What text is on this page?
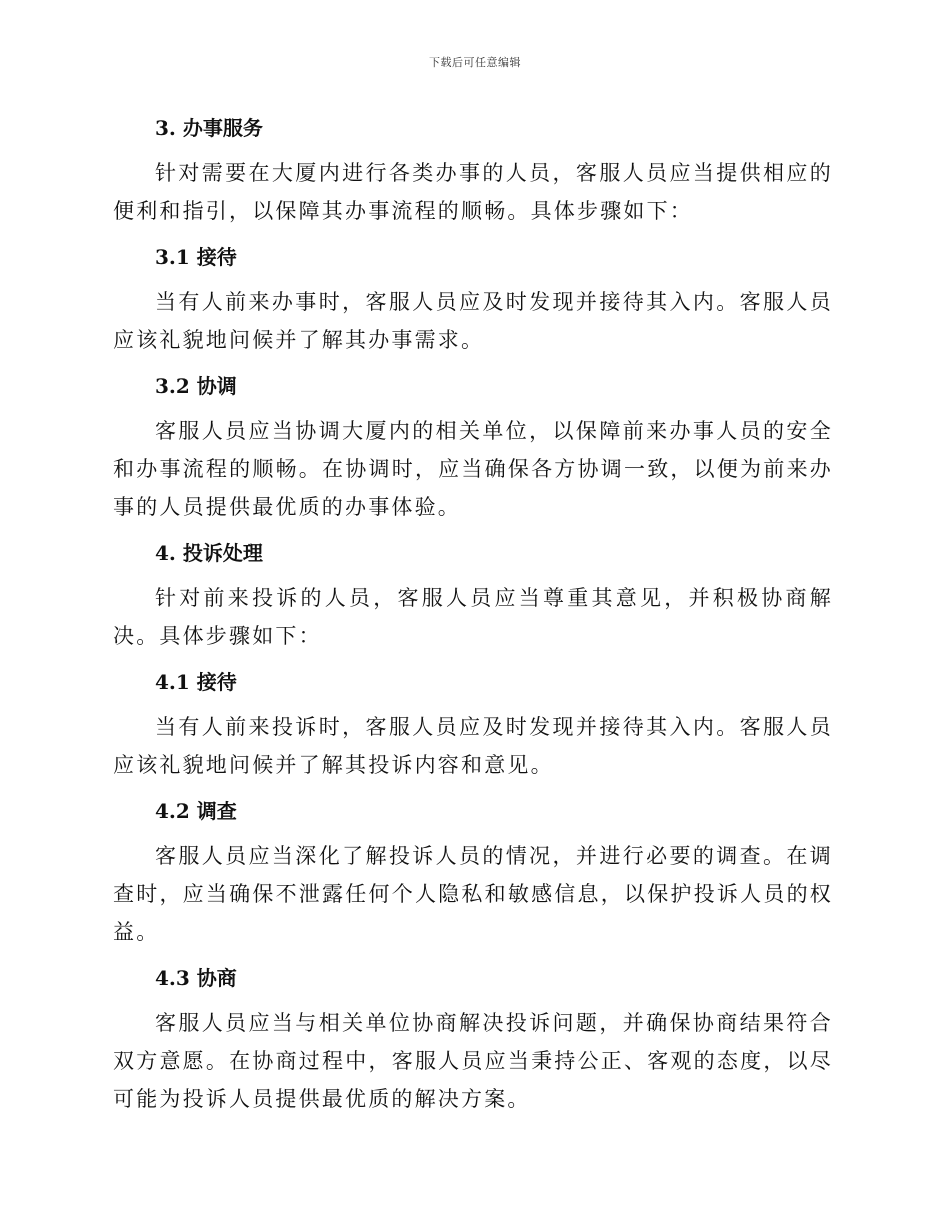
下载后可任意编辑
3. 办事服务

针对需要在大厦内进行各类办事的人员，客服人员应当提供相应的便利和指引，以保障其办事流程的顺畅。具体步骤如下：

3.1 接待

当有人前来办事时，客服人员应及时发现并接待其入内。客服人员应该礼貌地问候并了解其办事需求。

3.2 协调

客服人员应当协调大厦内的相关单位，以保障前来办事人员的安全和办事流程的顺畅。在协调时，应当确保各方协调一致，以便为前来办事的人员提供最优质的办事体验。

4. 投诉处理

针对前来投诉的人员，客服人员应当尊重其意见，并积极协商解决。具体步骤如下：

4.1 接待

当有人前来投诉时，客服人员应及时发现并接待其入内。客服人员应该礼貌地问候并了解其投诉内容和意见。

4.2 调查

客服人员应当深化了解投诉人员的情况，并进行必要的调查。在调查时，应当确保不泄露任何个人隐私和敏感信息，以保护投诉人员的权益。

4.3 协商

客服人员应当与相关单位协商解决投诉问题，并确保协商结果符合双方意愿。在协商过程中，客服人员应当秉持公正、客观的态度，以尽可能为投诉人员提供最优质的解决方案。
